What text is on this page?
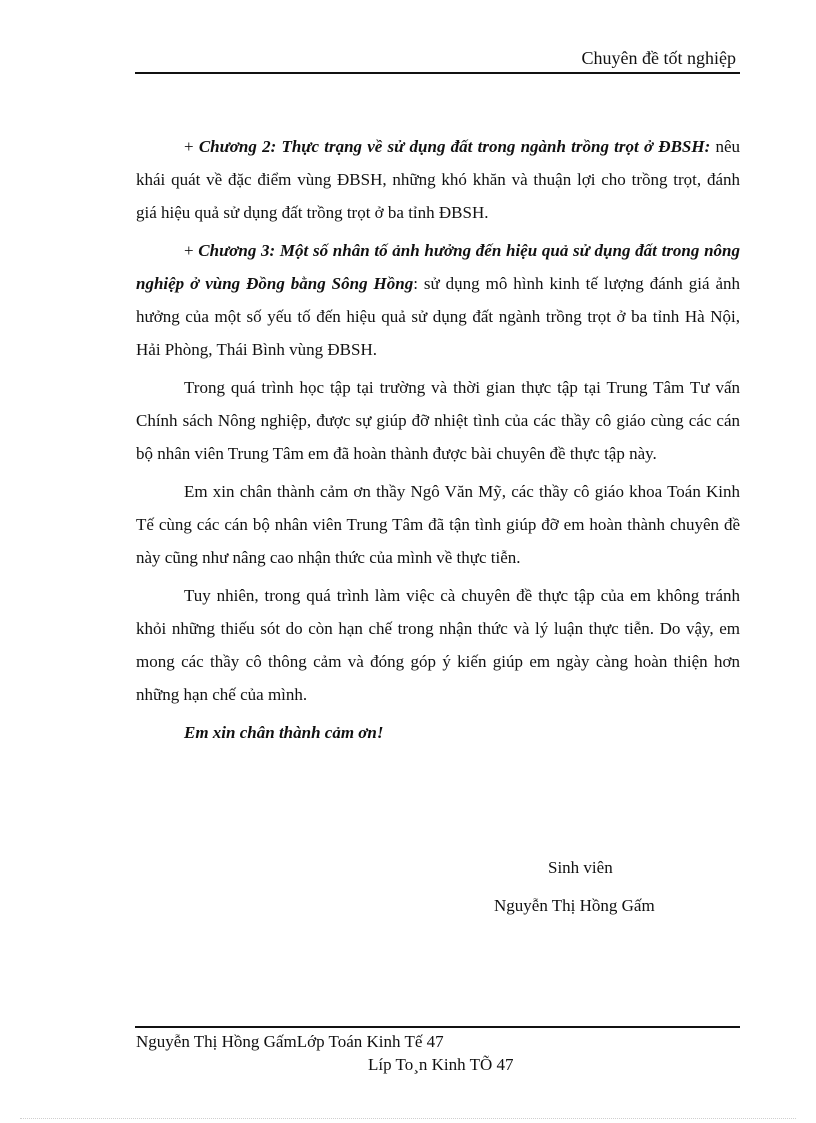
Chuyên đề tốt nghiệp

+ Chương 2: Thực trạng về sử dụng đất trong ngành trồng trọt ở ĐBSH: nêu khái quát về đặc điểm vùng ĐBSH, những khó khăn và thuận lợi cho trồng trọt, đánh giá hiệu quả sử dụng đất trồng trọt ở ba tỉnh ĐBSH.

+ Chương 3: Một số nhân tố ảnh hưởng đến hiệu quả sử dụng đất trong nông nghiệp ở vùng Đồng bằng Sông Hồng: sử dụng mô hình kinh tế lượng đánh giá ảnh hưởng của một số yếu tố đến hiệu quả sử dụng đất ngành trồng trọt ở ba tỉnh Hà Nội, Hải Phòng, Thái Bình vùng ĐBSH.

Trong quá trình học tập tại trường và thời gian thực tập tại Trung Tâm Tư vấn Chính sách Nông nghiệp, được sự giúp đỡ nhiệt tình của các thầy cô giáo cùng các cán bộ nhân viên Trung Tâm em đã hoàn thành được bài chuyên đề thực tập này.

Em xin chân thành cảm ơn thầy Ngô Văn Mỹ, các thầy cô giáo khoa Toán Kinh Tế cùng các cán bộ nhân viên Trung Tâm đã tận tình giúp đỡ em hoàn thành chuyên đề này cũng như nâng cao nhận thức của mình về thực tiễn.

Tuy nhiên, trong quá trình làm việc cà chuyên đề thực tập của em không tránh khỏi những thiếu sót do còn hạn chế trong nhận thức và lý luận thực tiễn. Do vậy, em mong các thầy cô thông cảm và đóng góp ý kiến giúp em ngày càng hoàn thiện hơn những hạn chế của mình.

Em xin chân thành cảm ơn!

Sinh viên
Nguyễn Thị Hồng Gấm
Nguyễn Thị Hồng GấmLớp Toán Kinh Tế 47
Líp To¸n Kinh TÕ 47
